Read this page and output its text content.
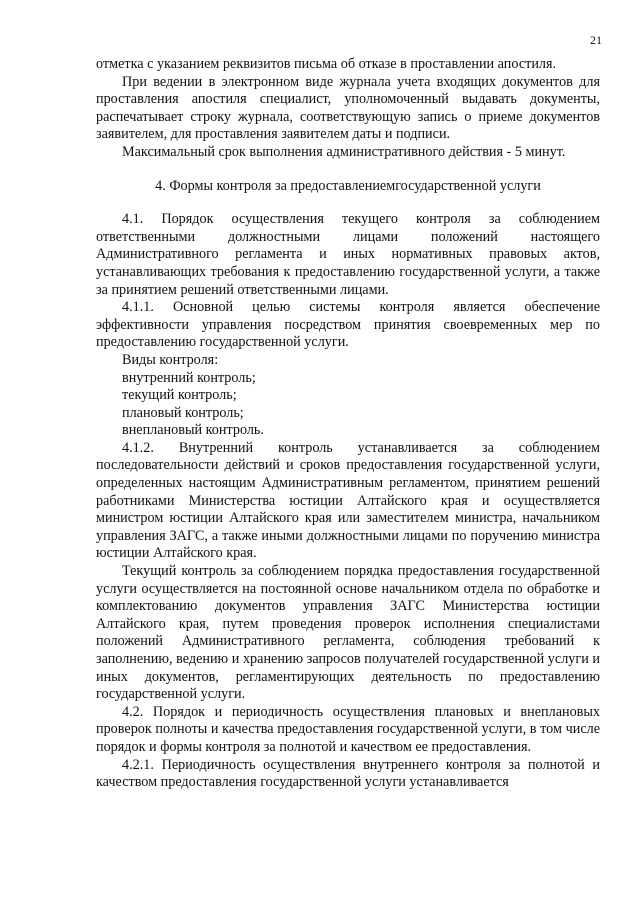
21

отметка с указанием реквизитов письма об отказе в проставлении апостиля.

При ведении в электронном виде журнала учета входящих документов для проставления апостиля специалист, уполномоченный выдавать документы, распечатывает строку журнала, соответствующую запись о приеме документов заявителем, для проставления заявителем даты и подписи.

Максимальный срок выполнения административного действия - 5 минут.

4. Формы контроля за предоставлениемгосударственной услуги

4.1. Порядок осуществления текущего контроля за соблюдением ответственными должностными лицами положений настоящего Административного регламента и иных нормативных правовых актов, устанавливающих требования к предоставлению государственной услуги, а также за принятием решений ответственными лицами.

4.1.1. Основной целью системы контроля является обеспечение эффективности управления посредством принятия своевременных мер по предоставлению государственной услуги.

Виды контроля:

внутренний контроль;

текущий контроль;

плановый контроль;

внеплановый контроль.

4.1.2. Внутренний контроль устанавливается за соблюдением последовательности действий и сроков предоставления государственной услуги, определенных настоящим Административным регламентом, принятием решений работниками Министерства юстиции Алтайского края и осуществляется министром юстиции Алтайского края или заместителем министра, начальником управления ЗАГС, а также иными должностными лицами по поручению министра юстиции Алтайского края.

Текущий контроль за соблюдением порядка предоставления государственной услуги осуществляется на постоянной основе начальником отдела по обработке и комплектованию документов управления ЗАГС Министерства юстиции Алтайского края, путем проведения проверок исполнения специалистами положений Административного регламента, соблюдения требований к заполнению, ведению и хранению запросов получателей государственной услуги и иных документов, регламентирующих деятельность по предоставлению государственной услуги.

4.2. Порядок и периодичность осуществления плановых и внеплановых проверок полноты и качества предоставления государственной услуги, в том числе порядок и формы контроля за полнотой и качеством ее предоставления.

4.2.1. Периодичность осуществления внутреннего контроля за полнотой и качеством предоставления государственной услуги устанавливается
